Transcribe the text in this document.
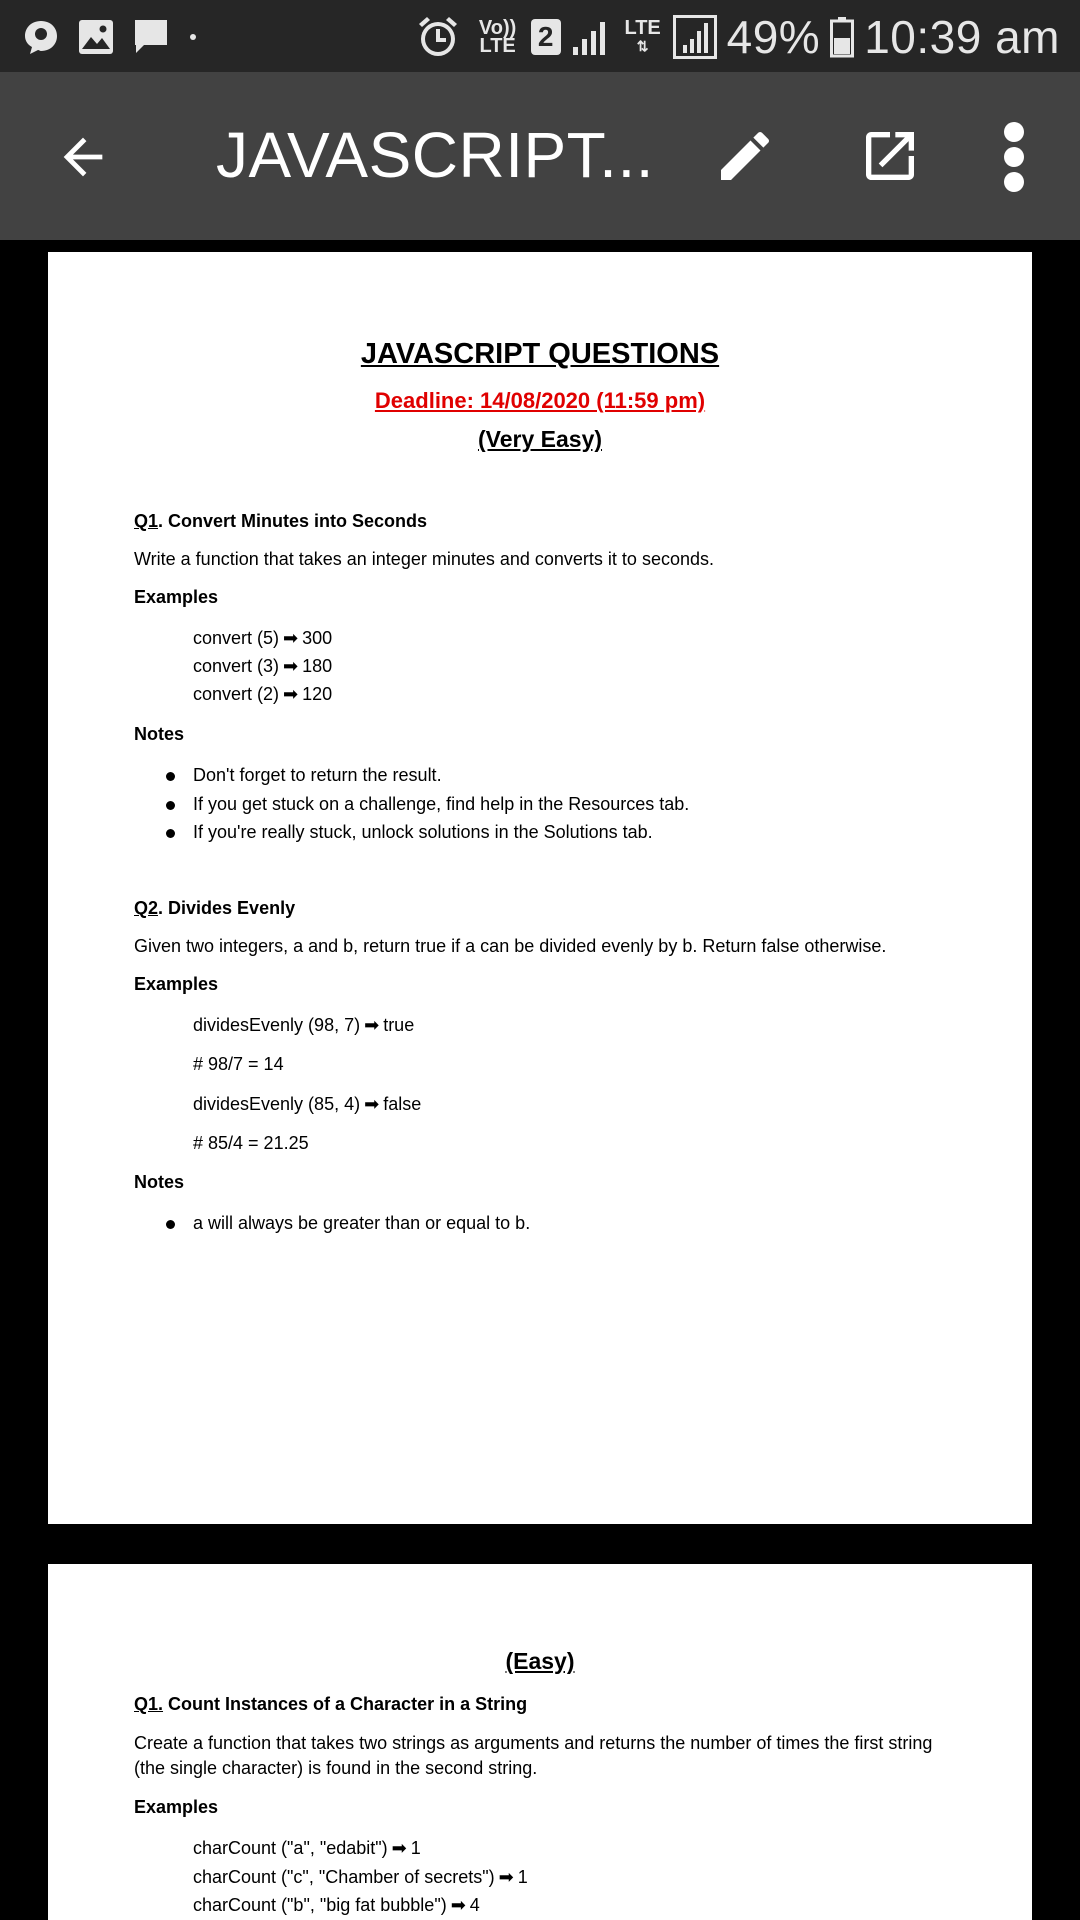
Vo))
LTE 2	LTE
⇅	49% 10:39 am
JAVASCRIPT...
JAVASCRIPT QUESTIONS
Deadline: 14/08/2020 (11:59 pm)
(Very Easy)
Q1. Convert Minutes into Seconds
Write a function that takes an integer minutes and converts it to seconds.
Examples
convert (5) ➡ 300
convert (3) ➡ 180
convert (2) ➡ 120
Notes
Don't forget to return the result.
If you get stuck on a challenge, find help in the Resources tab.
If you're really stuck, unlock solutions in the Solutions tab.
Q2. Divides Evenly
Given two integers, a and b, return true if a can be divided evenly by b. Return false otherwise.
Examples
dividesEvenly (98, 7) ➡ true
# 98/7 = 14
dividesEvenly (85, 4) ➡ false
# 85/4 = 21.25
Notes
a will always be greater than or equal to b.
(Easy)
Q1. Count Instances of a Character in a String
Create a function that takes two strings as arguments and returns the number of times the first string
(the single character) is found in the second string.
Examples
charCount ("a", "edabit") ➡ 1
charCount ("c", "Chamber of secrets") ➡ 1
charCount ("b", "big fat bubble") ➡ 4
